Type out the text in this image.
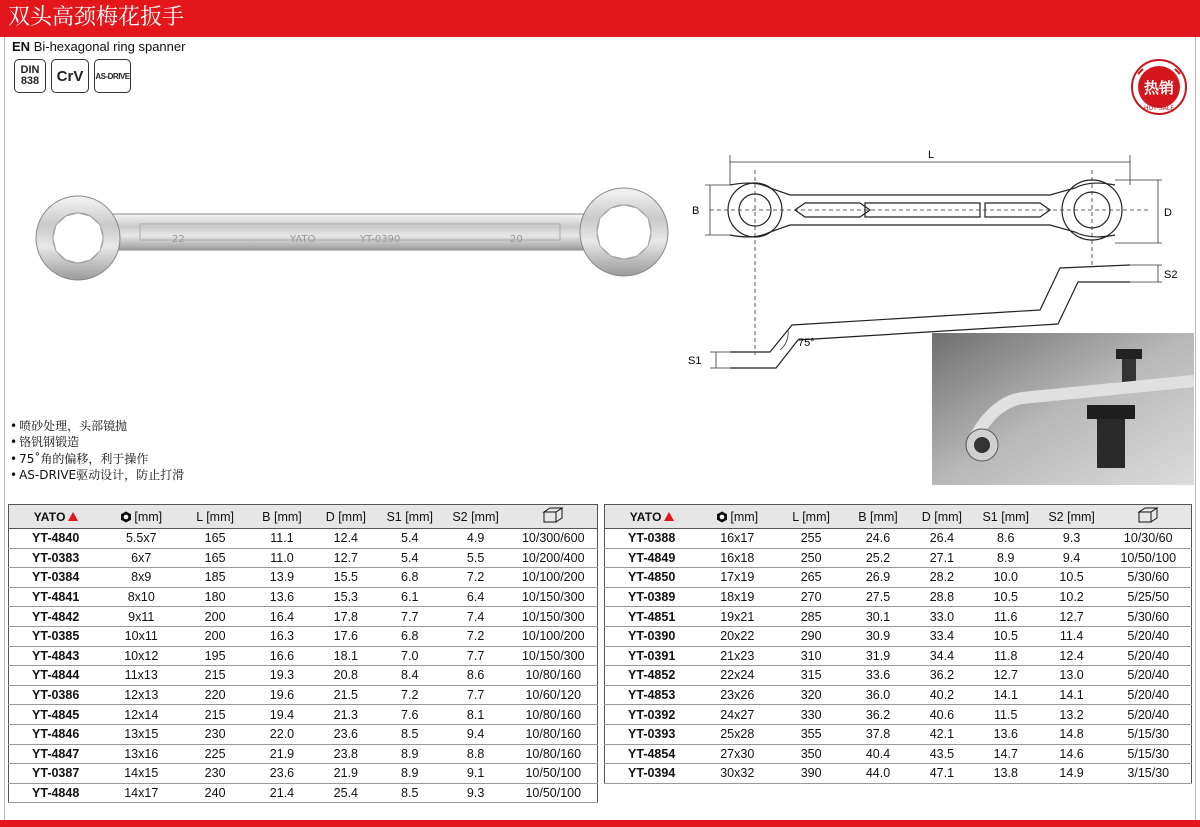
双头高颈梅花扳手
EN Bi-hexagonal ring spanner
DIN
838	CrV	AS-DRIVE
热销
HOT SALE
22	YATO	YT-0390	20
L
B	D
S2
S1
75°
• 喷砂处理，头部镜抛
• 铬钒钢锻造
• 75˚角的偏移，利于操作
• AS-DRIVE驱动设计，防止打滑
YATO	[mm]	L [mm]	B [mm]	D [mm]	S1 [mm]	S2 [mm]	
YT-4840	5.5x7	165	11.1	12.4	5.4	4.9	10/300/600
YT-0383	6x7	165	11.0	12.7	5.4	5.5	10/200/400
YT-0384	8x9	185	13.9	15.5	6.8	7.2	10/100/200
YT-4841	8x10	180	13.6	15.3	6.1	6.4	10/150/300
YT-4842	9x11	200	16.4	17.8	7.7	7.4	10/150/300
YT-0385	10x11	200	16.3	17.6	6.8	7.2	10/100/200
YT-4843	10x12	195	16.6	18.1	7.0	7.7	10/150/300
YT-4844	11x13	215	19.3	20.8	8.4	8.6	10/80/160
YT-0386	12x13	220	19.6	21.5	7.2	7.7	10/60/120
YT-4845	12x14	215	19.4	21.3	7.6	8.1	10/80/160
YT-4846	13x15	230	22.0	23.6	8.5	9.4	10/80/160
YT-4847	13x16	225	21.9	23.8	8.9	8.8	10/80/160
YT-0387	14x15	230	23.6	21.9	8.9	9.1	10/50/100
YT-4848	14x17	240	21.4	25.4	8.5	9.3	10/50/100
YATO	[mm]	L [mm]	B [mm]	D [mm]	S1 [mm]	S2 [mm]	
YT-0388	16x17	255	24.6	26.4	8.6	9.3	10/30/60
YT-4849	16x18	250	25.2	27.1	8.9	9.4	10/50/100
YT-4850	17x19	265	26.9	28.2	10.0	10.5	5/30/60
YT-0389	18x19	270	27.5	28.8	10.5	10.2	5/25/50
YT-4851	19x21	285	30.1	33.0	11.6	12.7	5/30/60
YT-0390	20x22	290	30.9	33.4	10.5	11.4	5/20/40
YT-0391	21x23	310	31.9	34.4	11.8	12.4	5/20/40
YT-4852	22x24	315	33.6	36.2	12.7	13.0	5/20/40
YT-4853	23x26	320	36.0	40.2	14.1	14.1	5/20/40
YT-0392	24x27	330	36.2	40.6	11.5	13.2	5/20/40
YT-0393	25x28	355	37.8	42.1	13.6	14.8	5/15/30
YT-4854	27x30	350	40.4	43.5	14.7	14.6	5/15/30
YT-0394	30x32	390	44.0	47.1	13.8	14.9	3/15/30
